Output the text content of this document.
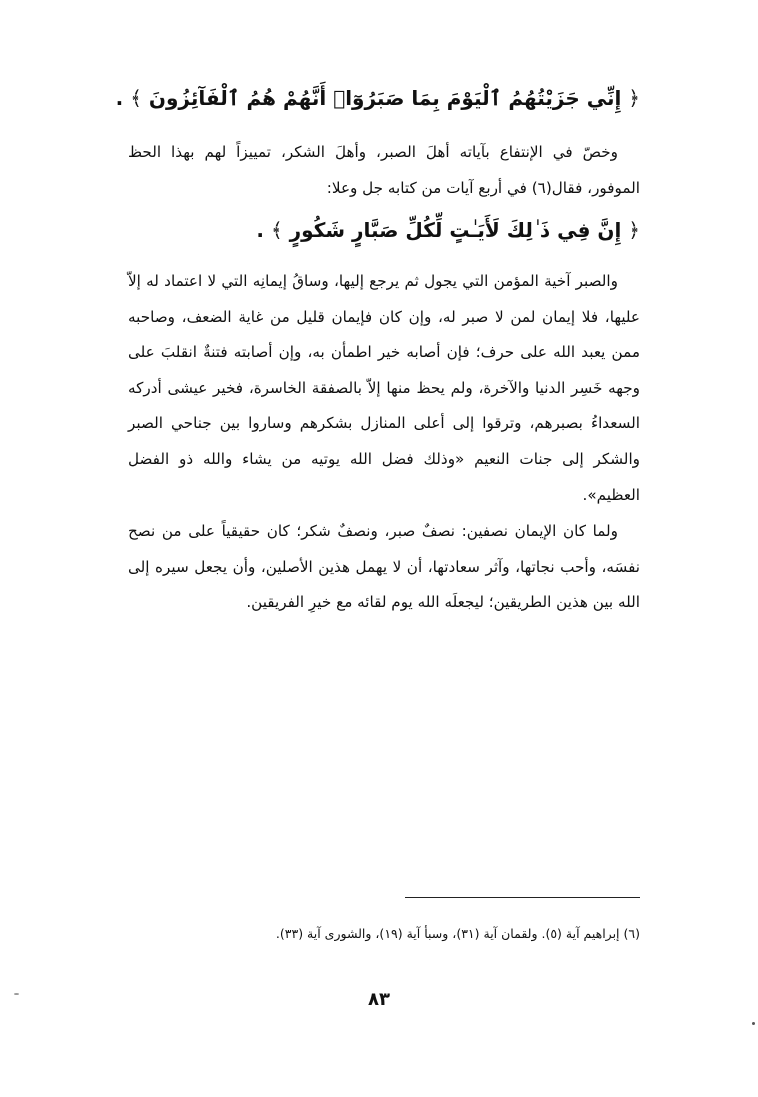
﴿ إِنِّي جَزَيْتُهُمُ ٱلْيَوْمَ بِمَا صَبَرُوٓا۟ أَنَّهُمْ هُمُ ٱلْفَآئِزُونَ ﴾ .

وخصّ في الإنتفاع بآياته أهلَ الصبر، وأهلَ الشكر، تمييزاً لهم بهذا الحظ الموفور، فقال(٦) في أربع آيات من كتابه جل وعلا:

﴿ إِنَّ فِي ذَ ٰلِكَ لَأَيَـٰتٍ لِّكُلِّ صَبَّارٍ شَكُورٍ ﴾ .

والصبر آخية المؤمن التي يجول ثم يرجع إليها، وساقُ إيمانِه التي لا اعتماد له إلاّ عليها، فلا إيمان لمن لا صبر له، وإن كان فإيمان قليل من غاية الضعف، وصاحبه ممن يعبد الله على حرف؛ فإن أصابه خير اطمأن به، وإن أصابته فتنةٌ انقلبَ على وجهه خَسِر الدنيا والآخرة، ولم يحظ منها إلاّ بالصفقة الخاسرة، فخير عيشى أدركه السعداءُ بصبرهم، وترقوا إلى أعلى المنازل بشكرهم وساروا بين جناحي الصبر والشكر إلى جنات النعيم «وذلك فضل الله يوتيه من يشاء والله ذو الفضل العظيم».

ولما كان الإيمان نصفين: نصفٌ صبر، ونصفٌ شكر؛ كان حقيقياً على من نصح نفسَه، وأحب نجاتها، وآثر سعادتها، أن لا يهمل هذين الأصلين، وأن يجعل سيره إلى الله بين هذين الطريقين؛ ليجعلَه الله يوم لقائه مع خيرِ الفريقين.

(٦) إبراهيم آية (٥). ولقمان آية (٣١)، وسبأ آية (١٩)، والشورى آية (٣٣).
٨٣
